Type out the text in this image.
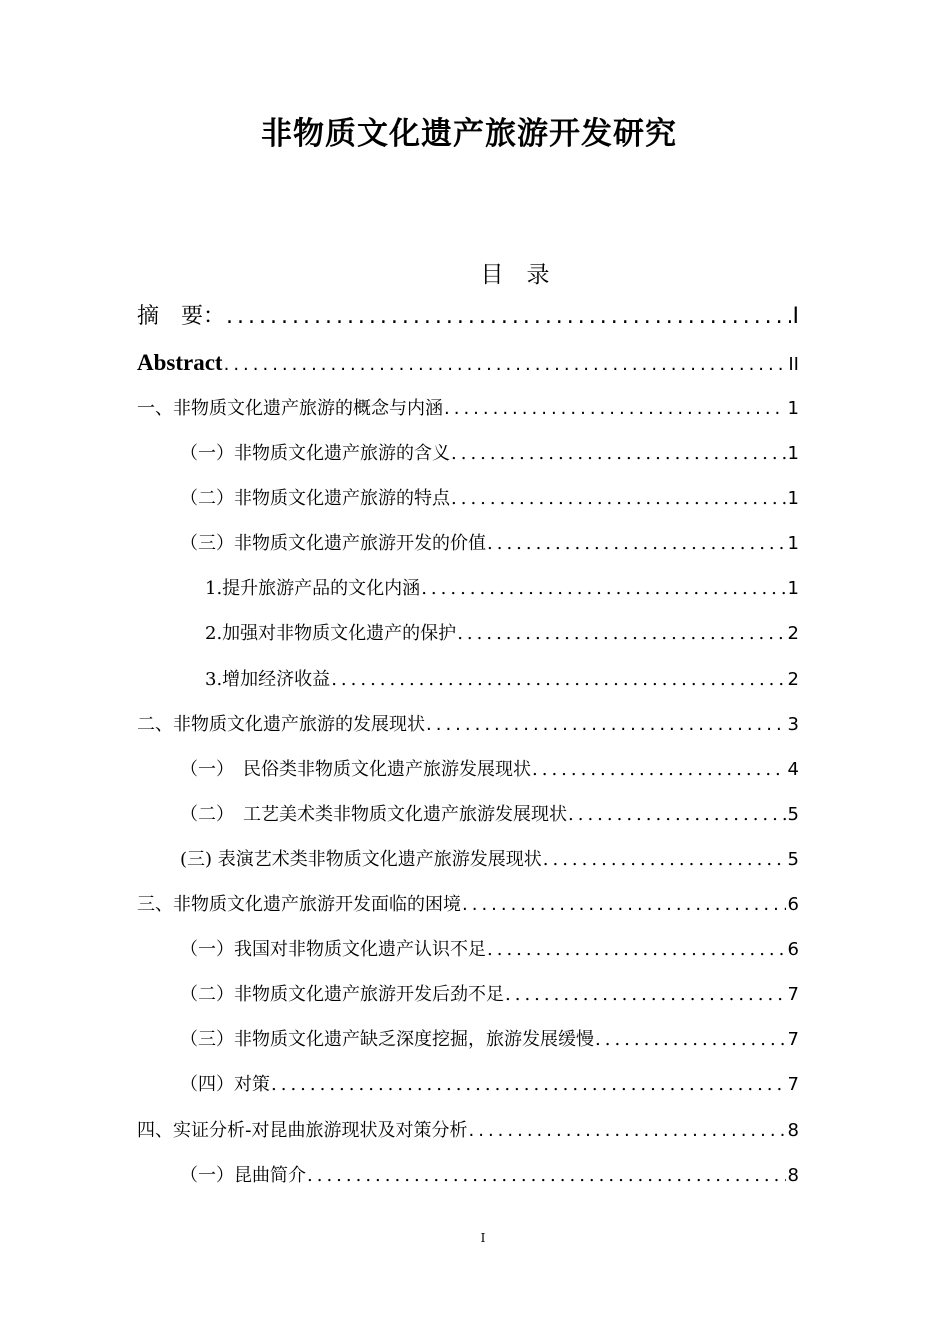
非物质文化遗产旅游开发研究
目　录
摘　要： .....	I
Abstract .....	II
一、非物质文化遗产旅游的概念与内涵 .....	1
（一）非物质文化遗产旅游的含义 .....	1
（二）非物质文化遗产旅游的特点 .....	1
（三）非物质文化遗产旅游开发的价值 .....	1
1.提升旅游产品的文化内涵 .....	1
2.加强对非物质文化遗产的保护 .....	2
3.增加经济收益 .....	2
二、非物质文化遗产旅游的发展现状 .....	3
（一）　民俗类非物质文化遗产旅游发展现状 .....	4
（二）　工艺美术类非物质文化遗产旅游发展现状 .....	5
(三) 表演艺术类非物质文化遗产旅游发展现状 .....	5
三、非物质文化遗产旅游开发面临的困境 .....	6
（一）我国对非物质文化遗产认识不足 .....	6
（二）非物质文化遗产旅游开发后劲不足 .....	7
（三）非物质文化遗产缺乏深度挖掘，旅游发展缓慢 .....	7
（四）对策 .....	7
四、实证分析-对昆曲旅游现状及对策分析 .....	8
（一）昆曲简介 .....	8
I
